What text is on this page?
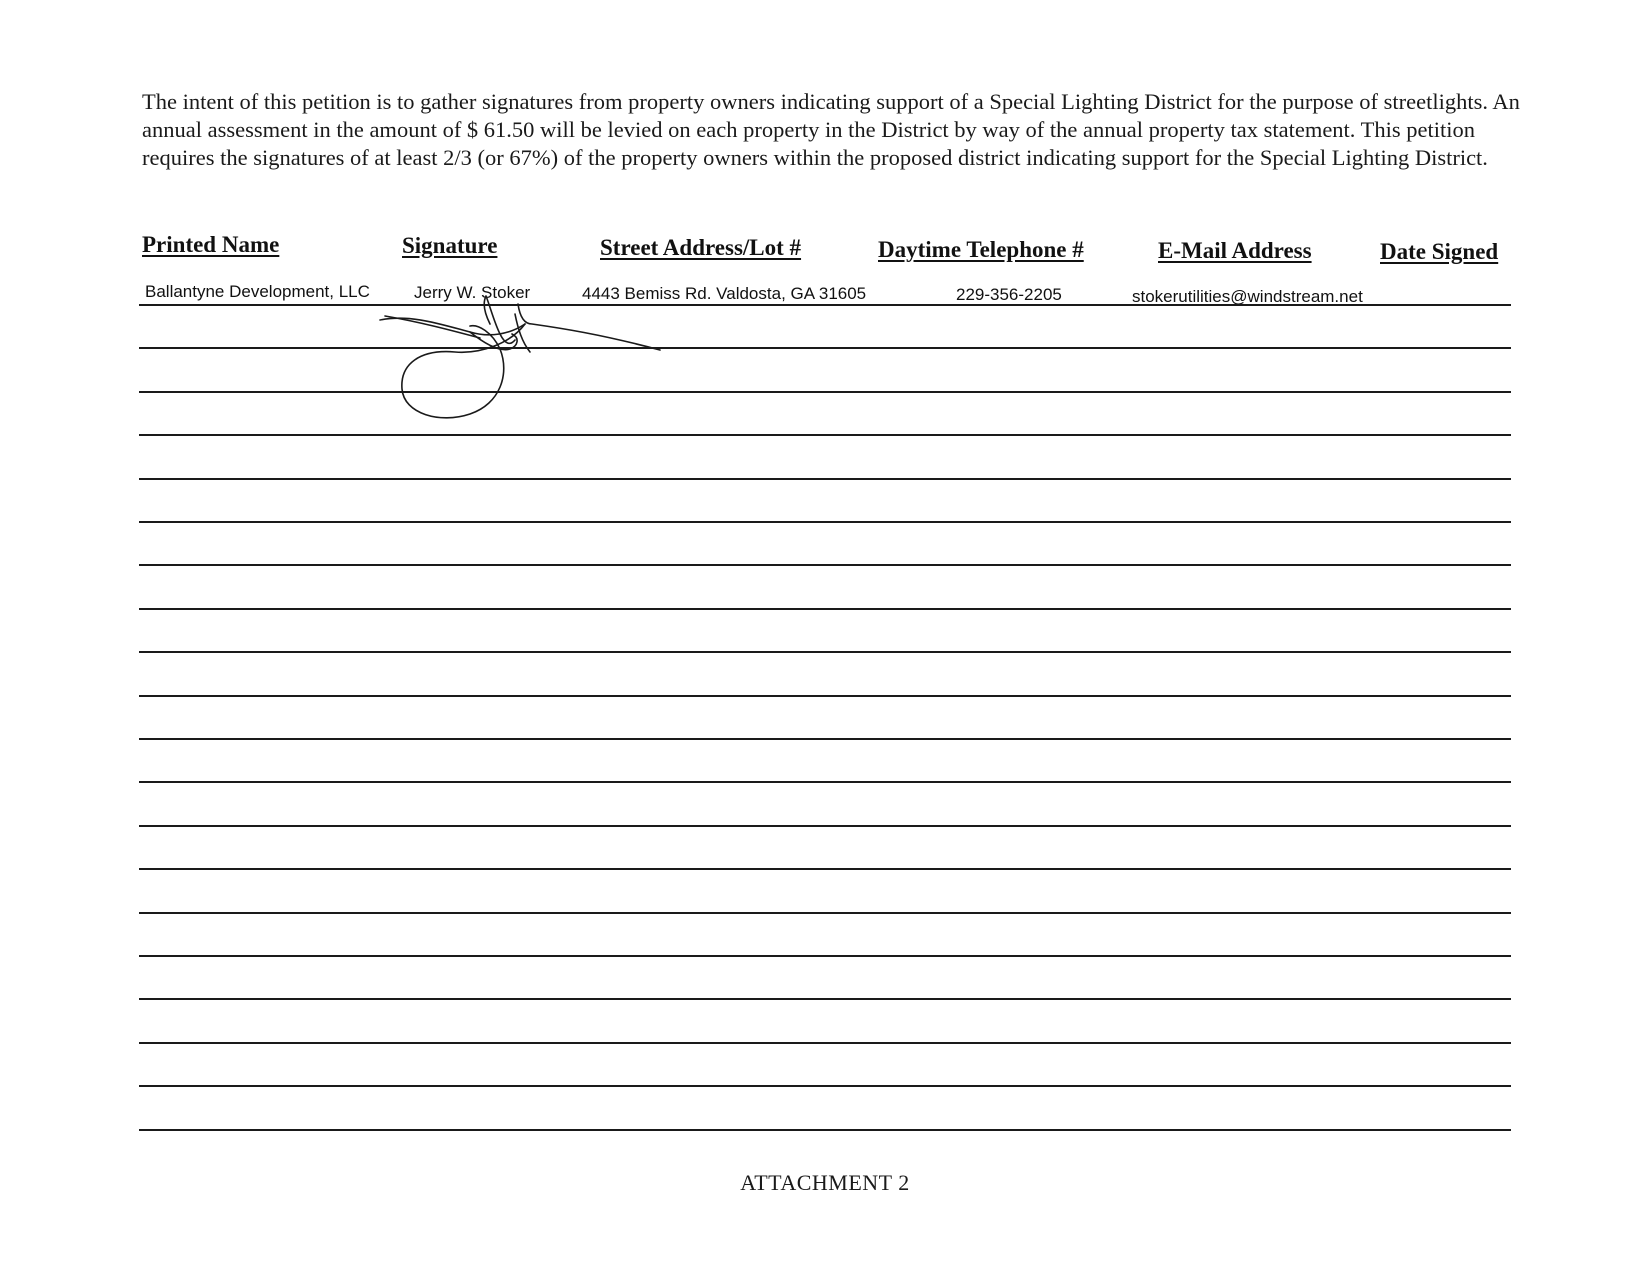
The intent of this petition is to gather signatures from property owners indicating support of a Special Lighting District for the purpose of streetlights. An annual assessment in the amount of $ 61.50 will be levied on each property in the District by way of the annual property tax statement. This petition requires the signatures of at least 2/3 (or 67%) of the property owners within the proposed district indicating support for the Special Lighting District.
Printed Name	Signature	Street Address/Lot #	Daytime Telephone #	E-Mail Address	Date Signed
Ballantyne Development, LLC	Jerry W. Stoker	4443 Bemiss Rd. Valdosta, GA 31605	229-356-2205	stokerutilities@windstream.net
ATTACHMENT 2
